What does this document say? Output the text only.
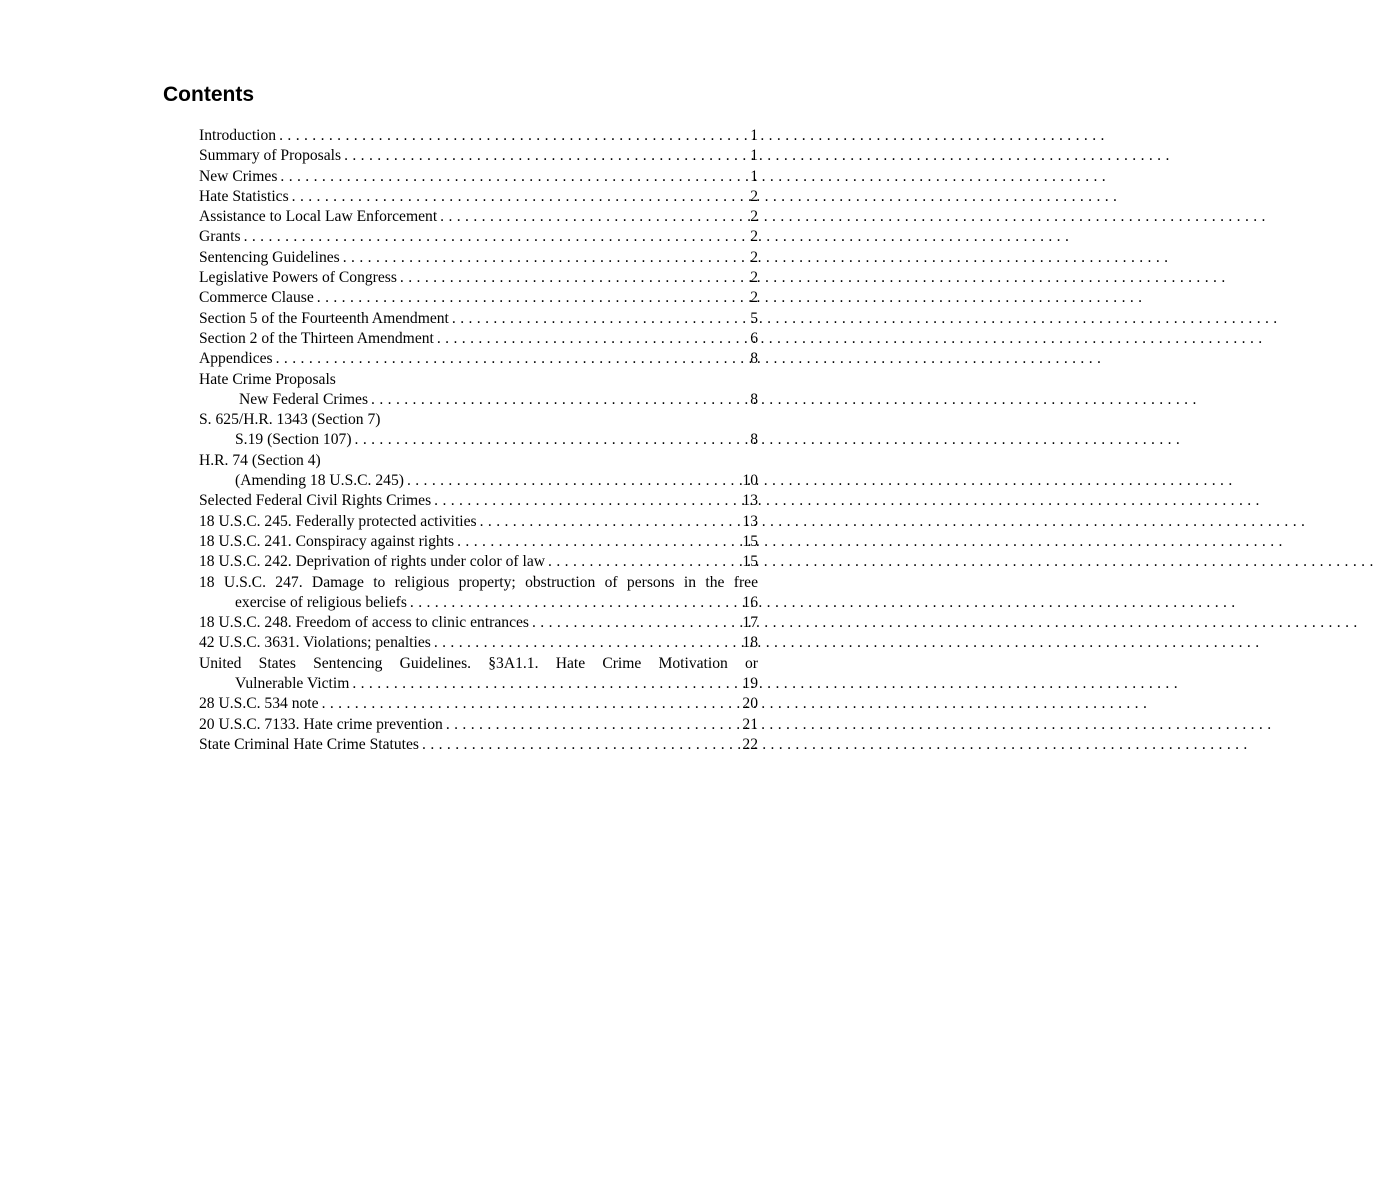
Contents
Introduction . . .	1
Summary of Proposals . . .	1
New Crimes . . .	1
Hate Statistics . . .	2
Assistance to Local Law Enforcement . . .	2
Grants . . .	2
Sentencing Guidelines . . .	2
Legislative Powers of Congress . . .	2
Commerce Clause . . .	2
Section 5 of the Fourteenth Amendment . . .	5
Section 2 of the Thirteen Amendment . . .	6
Appendices . . .	8
Hate Crime Proposals
New Federal Crimes . . .	8
S. 625/H.R. 1343 (Section 7)
S.19 (Section 107) . . .	8
H.R. 74 (Section 4)
(Amending 18 U.S.C. 245) . . .	10
Selected Federal Civil Rights Crimes . . .	13
18 U.S.C. 245. Federally protected activities . . .	13
18 U.S.C. 241. Conspiracy against rights . . .	15
18 U.S.C. 242. Deprivation of rights under color of law . . .	15
18 U.S.C. 247. Damage to religious property; obstruction of persons in the free
exercise of religious beliefs . . .	16
18 U.S.C. 248. Freedom of access to clinic entrances . . .	17
42 U.S.C. 3631. Violations; penalties . . .	18
United States Sentencing Guidelines. §3A1.1. Hate Crime Motivation or
Vulnerable Victim . . .	19
28 U.S.C. 534 note . . .	20
20 U.S.C. 7133. Hate crime prevention . . .	21
State Criminal Hate Crime Statutes . . .	22
